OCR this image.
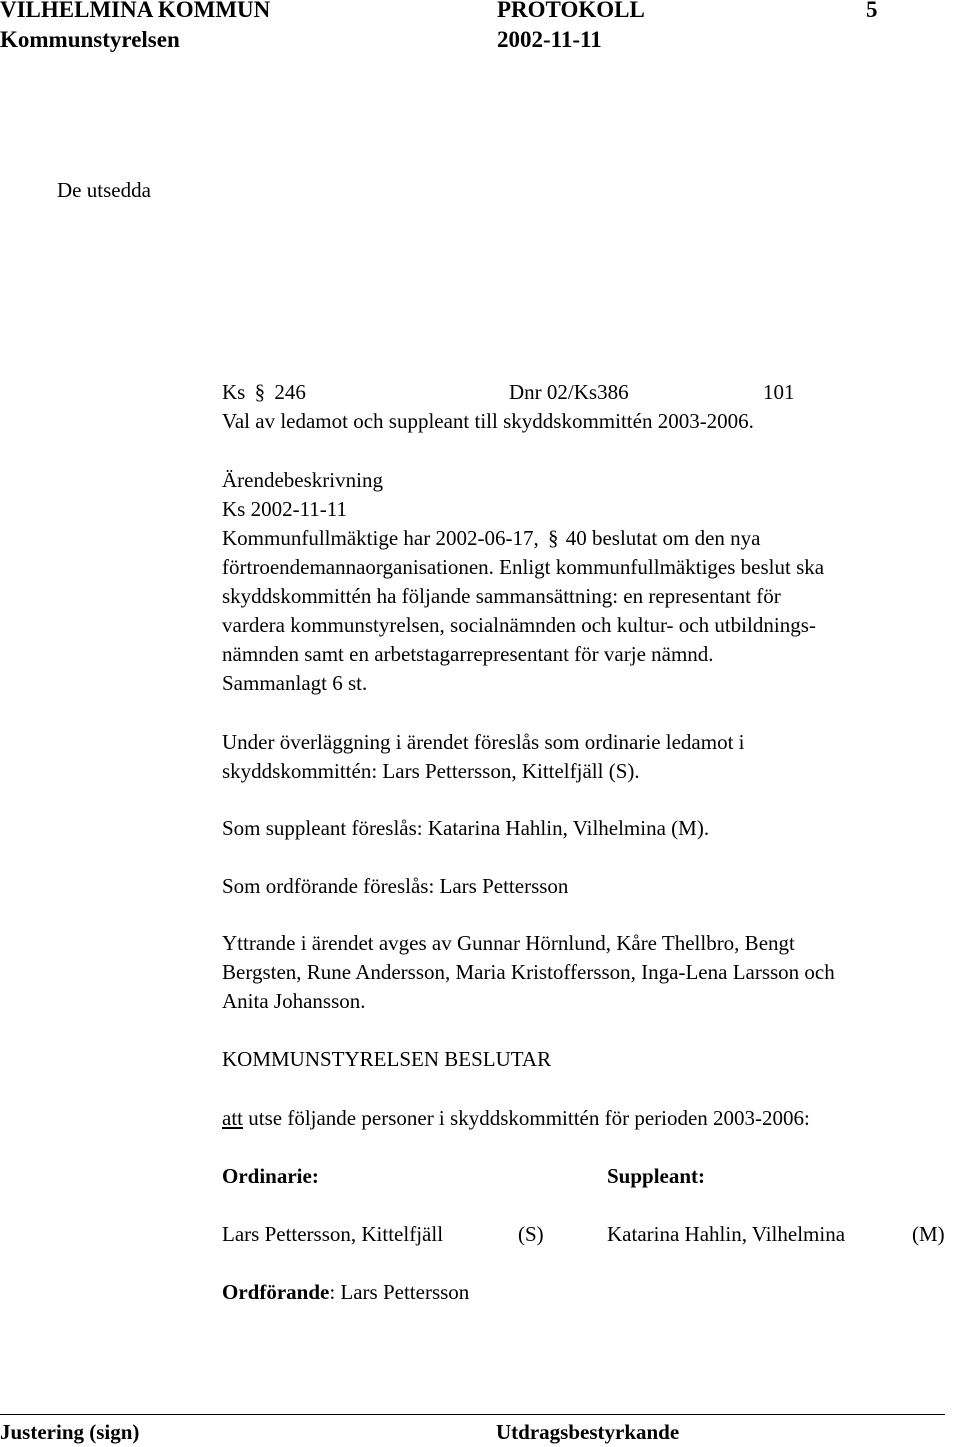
VILHELMINA KOMMUN	PROTOKOLL	5
Kommunstyrelsen	2002-11-11
De utsedda
Ks § 246	Dnr 02/Ks386	101
Val av ledamot och suppleant till skyddskommittén 2003-2006.
Ärendebeskrivning
Ks 2002-11-11
Kommunfullmäktige har 2002-06-17, § 40 beslutat om den nya
förtroendemannaorganisationen. Enligt kommunfullmäktiges beslut ska
skyddskommittén ha följande sammansättning: en representant för
vardera kommunstyrelsen, socialnämnden och kultur- och utbildnings-
nämnden samt en arbetstagarrepresentant för varje nämnd.
Sammanlagt 6 st.
Under överläggning i ärendet föreslås som ordinarie ledamot i
skyddskommittén: Lars Pettersson, Kittelfjäll (S).
Som suppleant föreslås: Katarina Hahlin, Vilhelmina (M).
Som ordförande föreslås: Lars Pettersson
Yttrande i ärendet avges av Gunnar Hörnlund, Kåre Thellbro, Bengt
Bergsten, Rune Andersson, Maria Kristoffersson, Inga-Lena Larsson och
Anita Johansson.
KOMMUNSTYRELSEN BESLUTAR
att utse följande personer i skyddskommittén för perioden 2003-2006:
Ordinarie:	Suppleant:
Lars Pettersson, Kittelfjäll	(S)	Katarina Hahlin, Vilhelmina	(M)
Ordförande: Lars Pettersson
Justering (sign)	Utdragsbestyrkande
